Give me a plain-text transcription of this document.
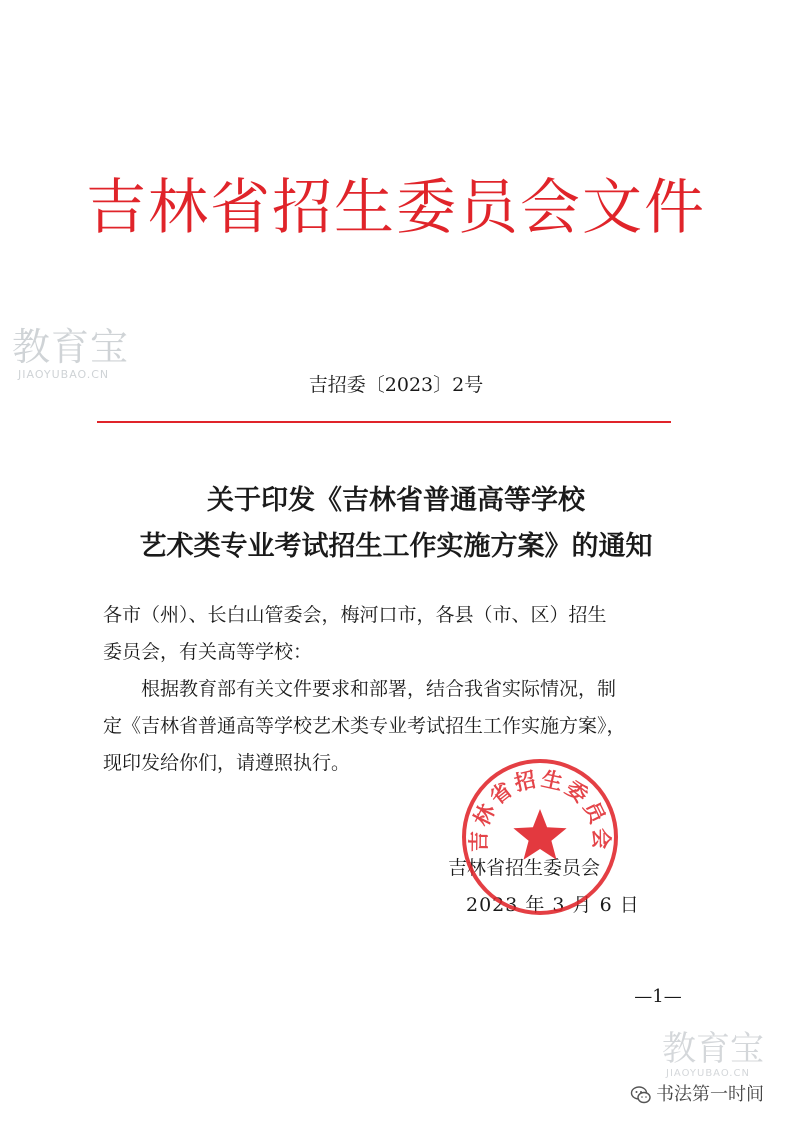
吉林省招生委员会文件
教育宝
JIAOYUBAO.CN	吉招委〔2023〕2号
关于印发《吉林省普通高等学校
艺术类专业考试招生工作实施方案》的通知

各市（州）、长白山管委会，梅河口市，各县（市、区）招生

委员会，有关高等学校：

根据教育部有关文件要求和部署，结合我省实际情况，制

定《吉林省普通高等学校艺术类专业考试招生工作实施方案》，

现印发给你们，请遵照执行。

吉林省招生委员会
2023 年 3 月 6 日
吉林省招生委员会
—1—
教育宝
JIAOYUBAO.CN
书法第一时间
